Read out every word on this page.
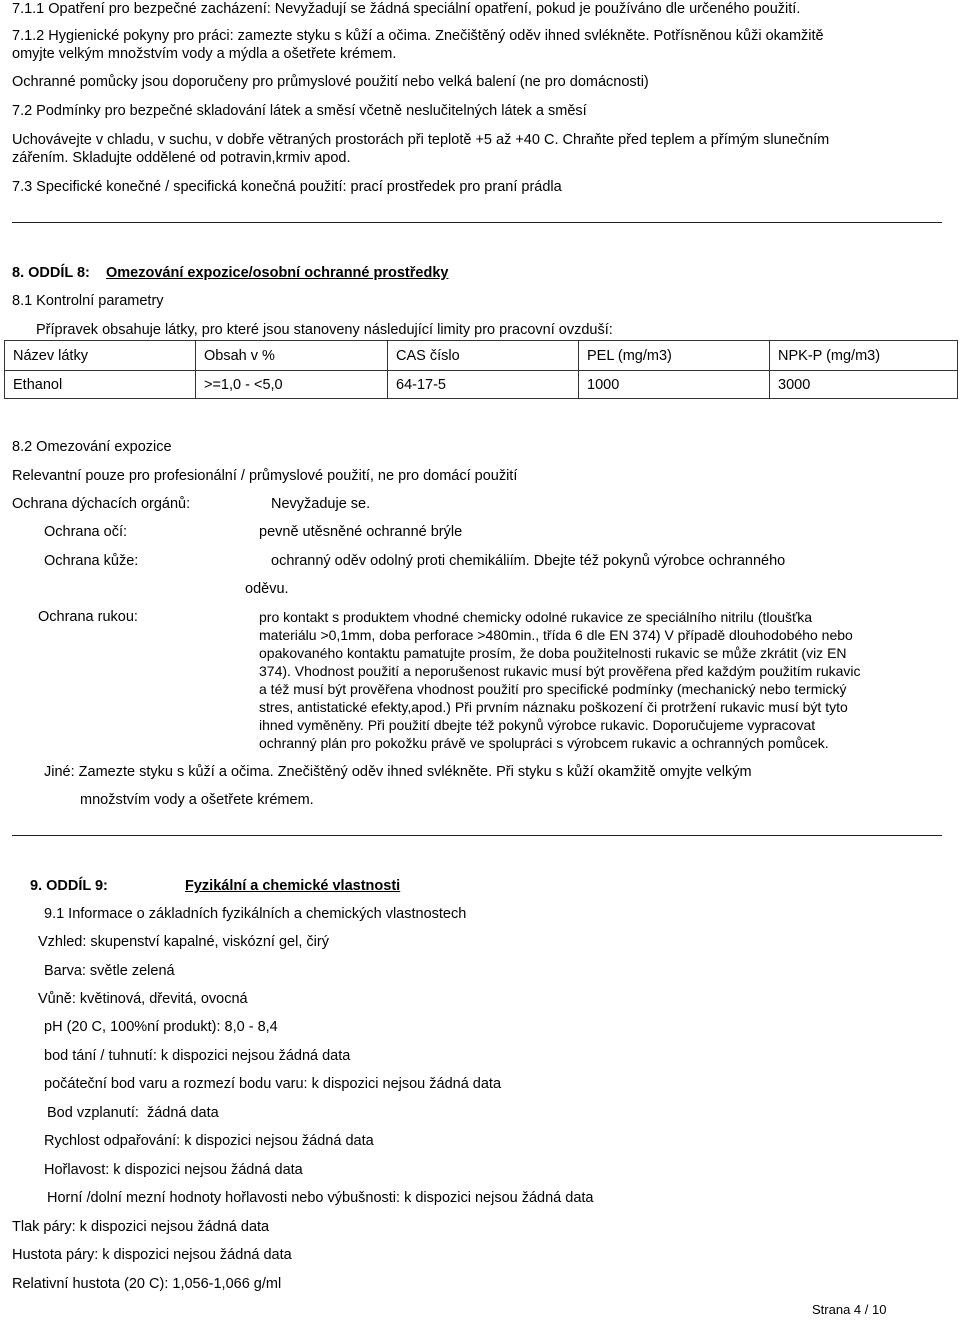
7.1.1 Opatření pro bezpečné zacházení: Nevyžadují se žádná speciální opatření, pokud je používáno dle určeného použití.
7.1.2 Hygienické pokyny pro práci: zamezte styku s kůží a očima. Znečištěný oděv ihned svlékněte. Potřísněnou kůži okamžitě
omyjte velkým množstvím vody a mýdla a ošetřete krémem.
Ochranné pomůcky jsou doporučeny pro průmyslové použití nebo velká balení (ne pro domácnosti)
7.2 Podmínky pro bezpečné skladování látek a směsí včetně neslučitelných látek a směsí
Uchovávejte v chladu, v suchu, v dobře větraných prostorách při teplotě +5 až +40 C. Chraňte před teplem a přímým slunečním
zářením. Skladujte oddělené od potravin,krmiv apod.
7.3 Specifické konečné / specifická konečná použití: prací prostředek pro praní prádla
8. ODDÍL 8: Omezování expozice/osobní ochranné prostředky
8.1 Kontrolní parametry
Přípravek obsahuje látky, pro které jsou stanoveny následující limity pro pracovní ovzduší:
Název látky	Obsah v %	CAS číslo	PEL (mg/m3)	NPK-P (mg/m3)
Ethanol	>=1,0 - <5,0	64-17-5	1000	3000
8.2 Omezování expozice
Relevantní pouze pro profesionální / průmyslové použití, ne pro domácí použití
Ochrana dýchacích orgánů:	Nevyžaduje se.
Ochrana očí:	pevně utěsněné ochranné brýle
Ochrana kůže:	ochranný oděv odolný proti chemikáliím. Dbejte též pokynů výrobce ochranného
oděvu.
Ochrana rukou:	pro kontakt s produktem vhodné chemicky odolné rukavice ze speciálního nitrilu (tloušťka
materiálu >0,1mm, doba perforace >480min., třída 6 dle EN 374) V případě dlouhodobého nebo
opakovaného kontaktu pamatujte prosím, že doba použitelnosti rukavic se může zkrátit (viz EN
374). Vhodnost použití a neporušenost rukavic musí být prověřena před každým použitím rukavic
a též musí být prověřena vhodnost použití pro specifické podmínky (mechanický nebo termický
stres, antistatické efekty,apod.) Při prvním náznaku poškození či protržení rukavic musí být tyto
ihned vyměněny. Při použití dbejte též pokynů výrobce rukavic. Doporučujeme vypracovat
ochranný plán pro pokožku právě ve spolupráci s výrobcem rukavic a ochranných pomůcek.
Jiné: Zamezte styku s kůží a očima. Znečištěný oděv ihned svlékněte. Při styku s kůží okamžitě omyjte velkým
množstvím vody a ošetřete krémem.
9. ODDÍL 9:	Fyzikální a chemické vlastnosti
9.1 Informace o základních fyzikálních a chemických vlastnostech
Vzhled: skupenství kapalné, viskózní gel, čirý
Barva: světle zelená
Vůně: květinová, dřevitá, ovocná
pH (20 C, 100%ní produkt): 8,0 - 8,4
bod tání / tuhnutí: k dispozici nejsou žádná data
počáteční bod varu a rozmezí bodu varu: k dispozici nejsou žádná data
Bod vzplanutí:  žádná data
Rychlost odpařování: k dispozici nejsou žádná data
Hořlavost: k dispozici nejsou žádná data
Horní /dolní mezní hodnoty hořlavosti nebo výbušnosti: k dispozici nejsou žádná data
Tlak páry: k dispozici nejsou žádná data
Hustota páry: k dispozici nejsou žádná data
Relativní hustota (20 C): 1,056-1,066 g/ml
Strana 4 / 10
